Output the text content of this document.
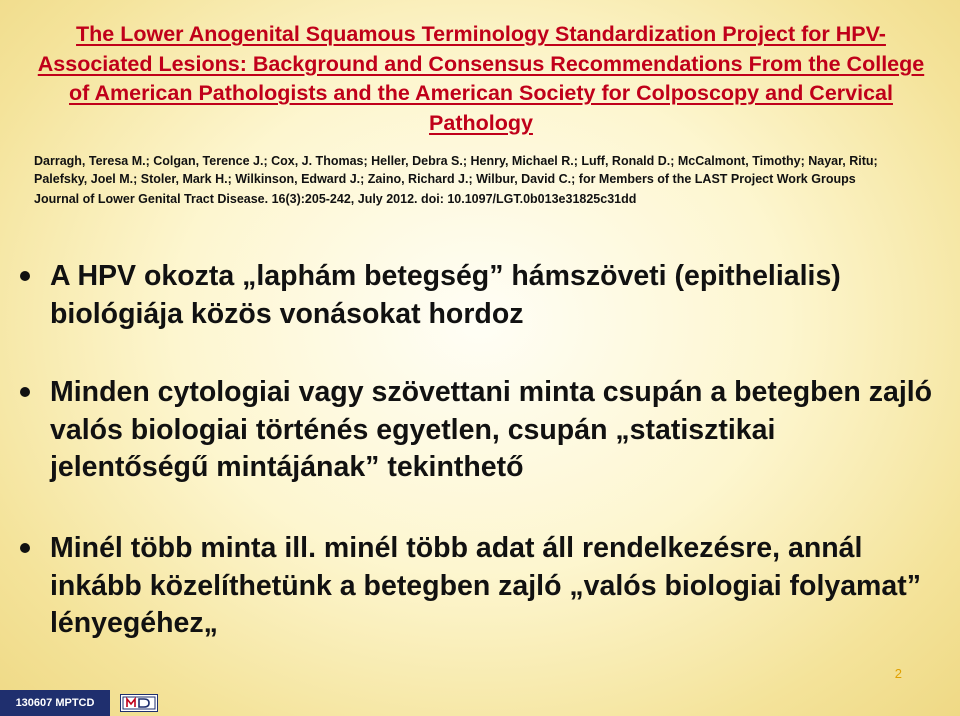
The Lower Anogenital Squamous Terminology Standardization Project for HPV-Associated Lesions: Background and Consensus Recommendations From the College of American Pathologists and the American Society for Colposcopy and Cervical Pathology
Darragh, Teresa M.; Colgan, Terence J.; Cox, J. Thomas; Heller, Debra S.; Henry, Michael R.; Luff, Ronald D.; McCalmont, Timothy; Nayar, Ritu; Palefsky, Joel M.; Stoler, Mark H.; Wilkinson, Edward J.; Zaino, Richard J.; Wilbur, David C.; for Members of the LAST Project Work Groups
Journal of Lower Genital Tract Disease. 16(3):205-242, July 2012. doi: 10.1097/LGT.0b013e31825c31dd
A HPV okozta „laphám betegség” hámszöveti (epithelialis) biológiája közös vonásokat hordoz
Minden cytologiai vagy szövettani minta csupán a betegben zajló valós biologiai történés egyetlen, csupán „statisztikai jelentőségű mintájának” tekinthető
Minél több minta ill. minél több adat áll rendelkezésre, annál inkább közelíthetünk a betegben zajló „valós biologiai folyamat” lényegéhez„
2
130607 MPTCD
